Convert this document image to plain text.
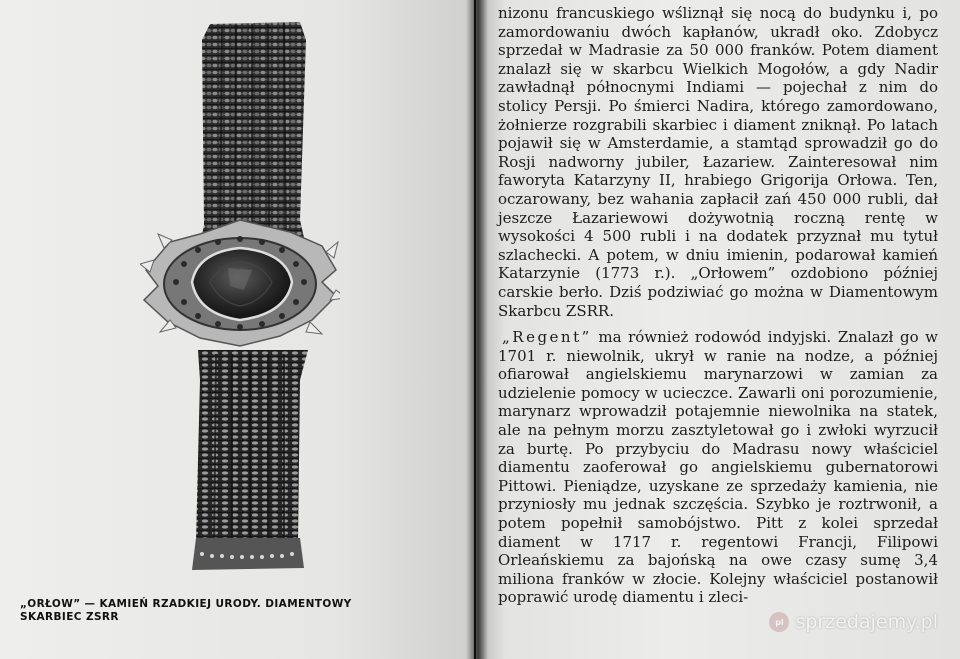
„ORŁOW” — KAMIEŃ RZADKIEJ URODY. DIAMENTOWY
SKARBIEC ZSRR

nizonu francuskiego wśliznął się nocą do budynku i, po zamordowaniu dwóch kapłanów, ukradł oko. Zdobycz sprzedał w Madrasie za 50 000 franków. Potem diament znalazł się w skarbcu Wielkich Mogołów, a gdy Nadir zawładnął północnymi Indiami — pojechał z nim do stolicy Persji. Po śmierci Nadira, którego zamordowano, żołnierze rozgrabili skarbiec i diament zniknął. Po latach pojawił się w Amsterdamie, a stamtąd sprowadził go do Rosji nadworny jubiler, Łazariew. Zainteresował nim faworyta Katarzyny II, hrabiego Grigorija Orłowa. Ten, oczarowany, bez wahania zapłacił zań 450 000 rubli, dał jeszcze Łazariewowi dożywotnią roczną rentę w wysokości 4 500 rubli i na dodatek przyznał mu tytuł szlachecki. A potem, w dniu imienin, podarował kamień Katarzynie (1773 r.). „Orłowem” ozdobiono później carskie berło. Dziś podziwiać go można w Diamentowym Skarbcu ZSRR.

„Regent” ma również rodowód indyjski. Znalazł go w 1701 r. niewolnik, ukrył w ranie na nodze, a później ofiarował angielskiemu marynarzowi w zamian za udzielenie pomocy w ucieczce. Zawarli oni porozumienie, marynarz wprowadził potajemnie niewolnika na statek, ale na pełnym morzu zasztyletował go i zwłoki wyrzucił za burtę. Po przybyciu do Madrasu nowy właściciel diamentu zaoferował go angielskiemu gubernatorowi Pittowi. Pieniądze, uzyskane ze sprzedaży kamienia, nie przyniosły mu jednak szczęścia. Szybko je roztrwonił, a potem popełnił samobójstwo. Pitt z kolei sprzedał diament w 1717 r. regentowi Francji, Filipowi Orleańskiemu za bajońską na owe czasy sumę 3,4 miliona franków w złocie. Kolejny właściciel postanowił poprawić urodę diamentu i zleci-

pl sprzedajemy.pl
